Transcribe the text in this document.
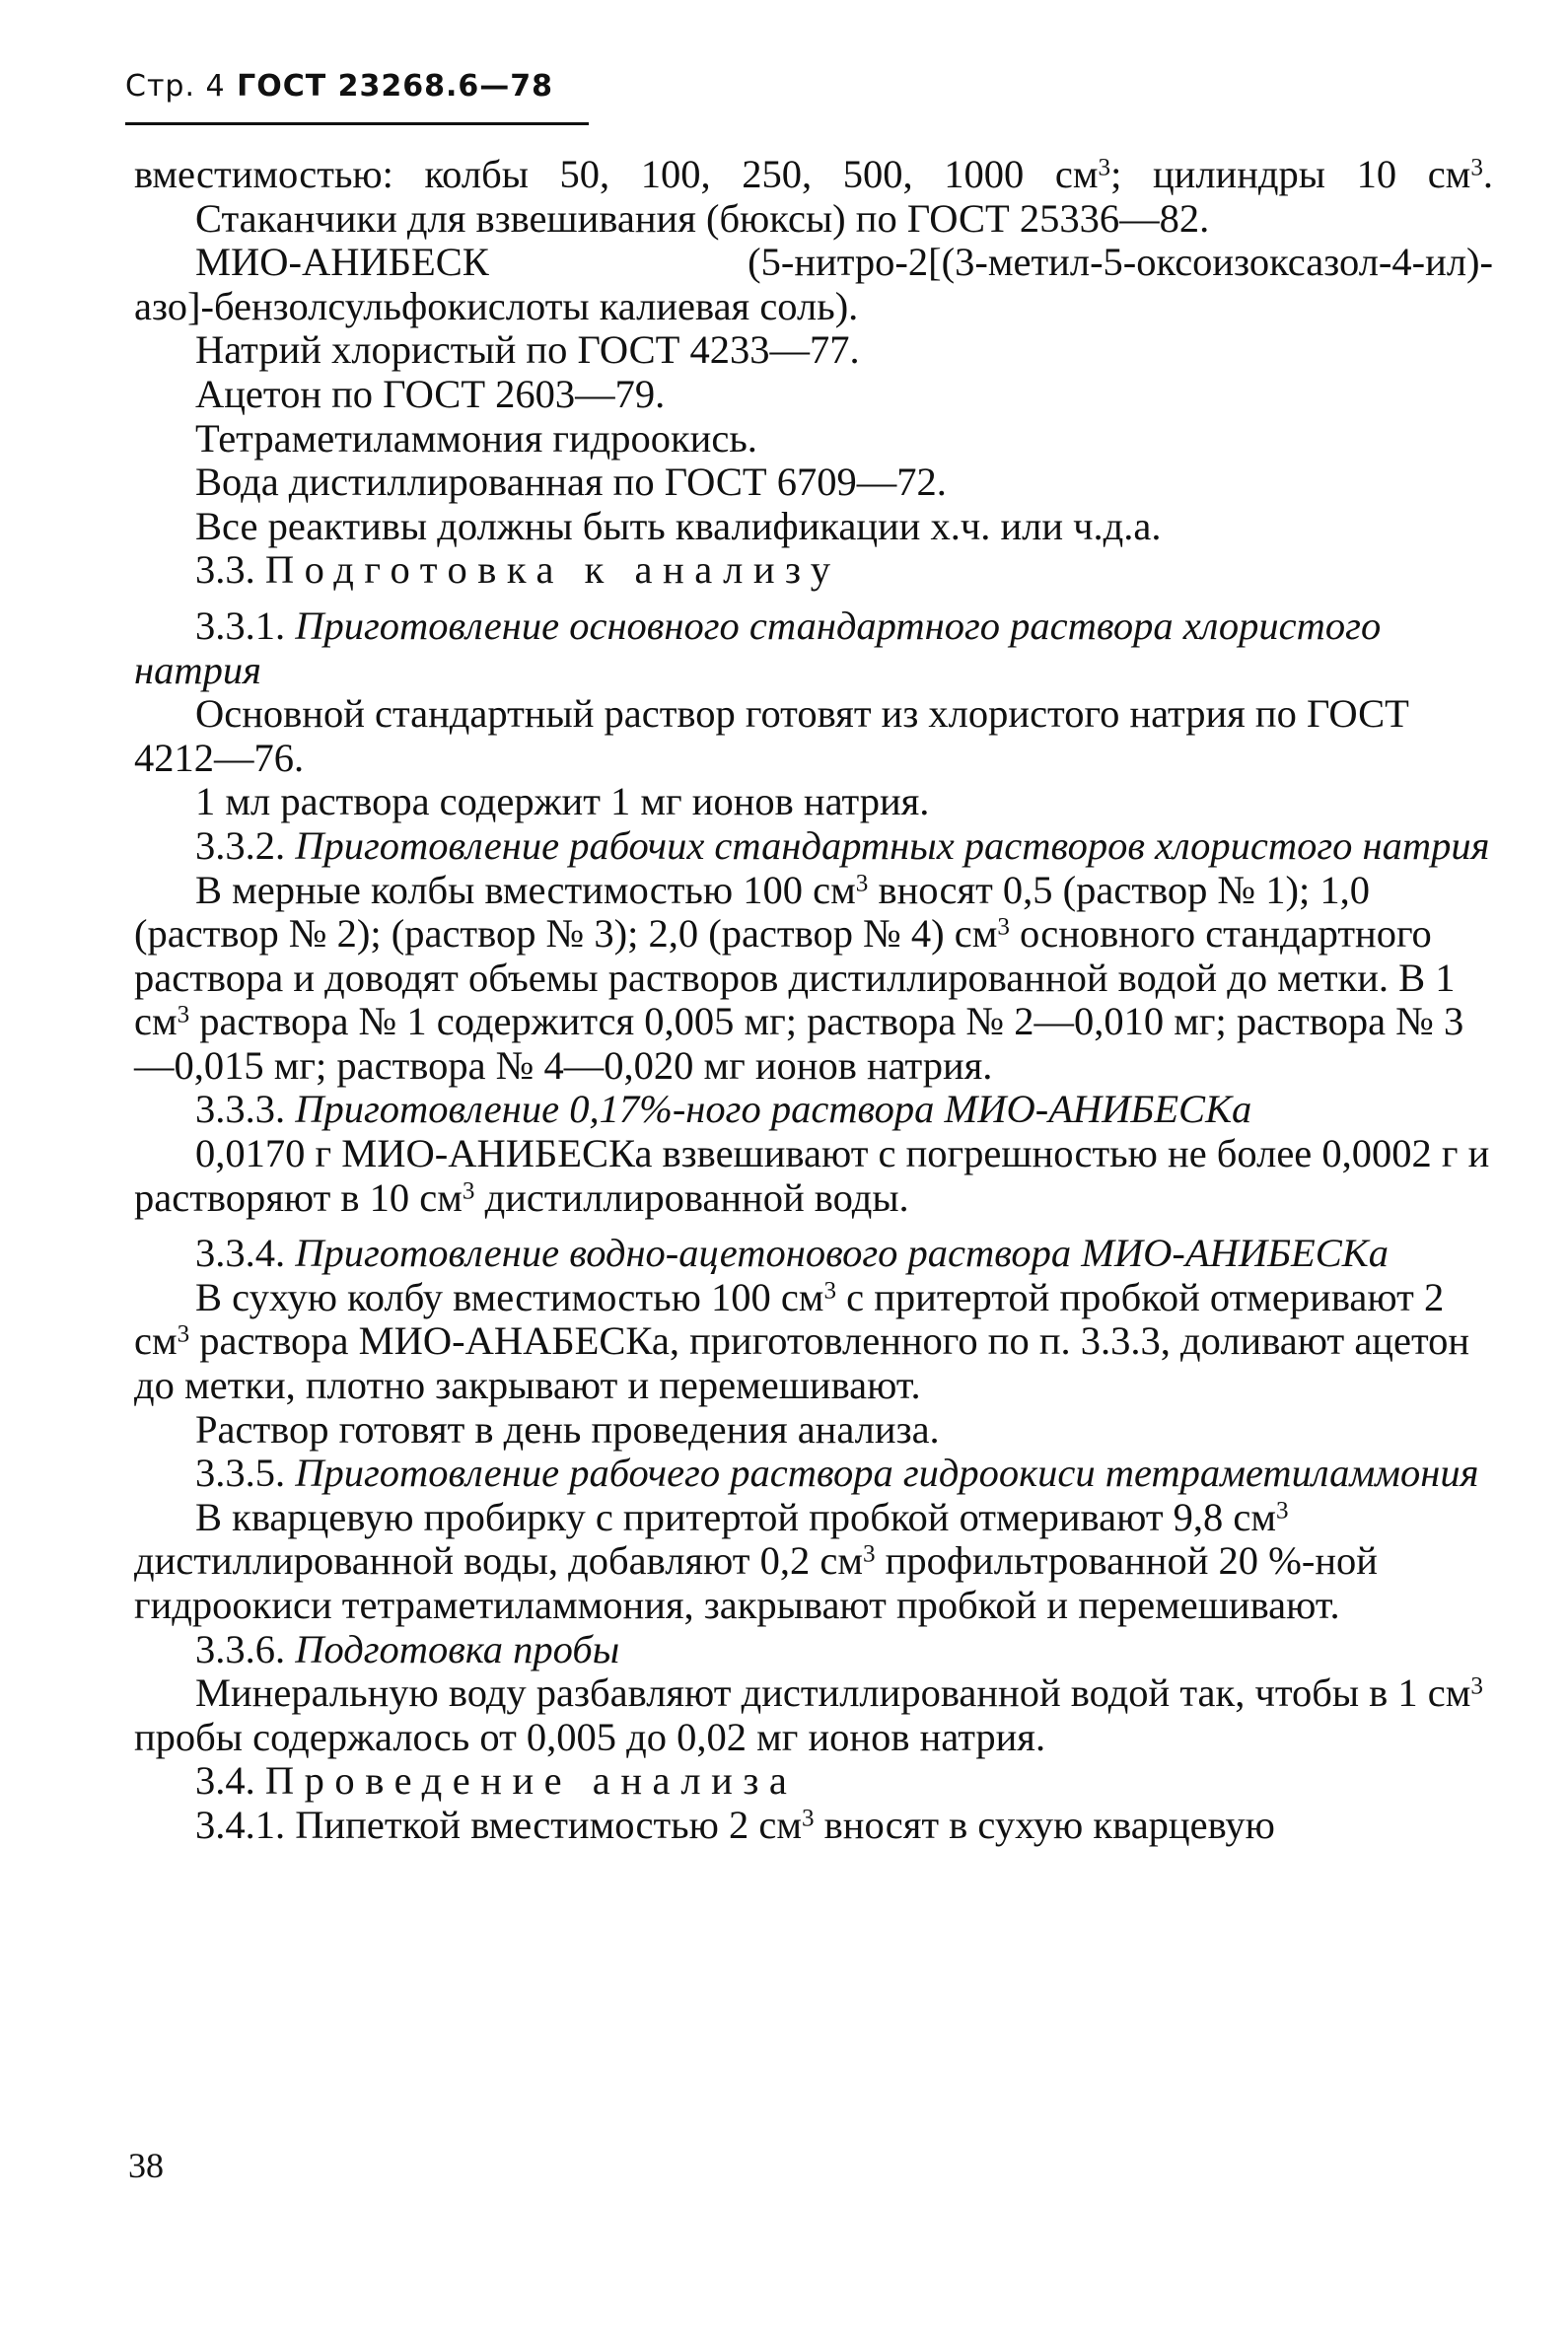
Стр. 4 ГОСТ 23268.6—78

вместимостью: колбы 50, 100, 250, 500, 1000 $см^3$; цилиндры 10 $см^3$.

Стаканчики для взвешивания (бюксы) по ГОСТ 25336—82.

МИО-АНИБЕСК (5-нитро-2[(3-метил-5-оксоизоксазол-4-ил)-

азо]-бензолсульфокислоты калиевая соль).

Натрий хлористый по ГОСТ 4233—77.

Ацетон по ГОСТ 2603—79.

Тетраметиламмония гидроокись.

Вода дистиллированная по ГОСТ 6709—72.

Все реактивы должны быть квалификации х.ч. или ч.д.а.

3.3. Подготовка к анализу

3.3.1. Приготовление основного стандартного раствора хлористого натрия

Основной стандартный раствор готовят из хлористого натрия по ГОСТ 4212—76.

1 мл раствора содержит 1 мг ионов натрия.

3.3.2. Приготовление рабочих стандартных растворов хлористого натрия

В мерные колбы вместимостью 100 $см^3$ вносят 0,5 (раствор № 1); 1,0 (раствор № 2); (раствор № 3); 2,0 (раствор № 4) $см^3$ основного стандартного раствора и доводят объемы растворов дистиллированной водой до метки. В 1 $см^3$ раствора № 1 содержится 0,005 мг; раствора № 2—0,010 мг; раствора № 3—0,015 мг; раствора № 4—0,020 мг ионов натрия.

3.3.3. Приготовление 0,17%-ного раствора МИО-АНИБЕСКа

0,0170 г МИО-АНИБЕСКа взвешивают с погрешностью не более 0,0002 г и растворяют в 10 $см^3$ дистиллированной воды.

3.3.4. Приготовление водно-ацетонового раствора МИО-АНИБЕСКа

В сухую колбу вместимостью 100 $см^3$ с притертой пробкой отмеривают 2 $см^3$ раствора МИО-АНАБЕСКа, приготовленного по п. 3.3.3, доливают ацетон до метки, плотно закрывают и перемешивают.

Раствор готовят в день проведения анализа.

3.3.5. Приготовление рабочего раствора гидроокиси тетраметиламмония

В кварцевую пробирку с притертой пробкой отмеривают 9,8 $см^3$ дистиллированной воды, добавляют 0,2 $см^3$ профильтрованной 20 %-ной гидроокиси тетраметиламмония, закрывают пробкой и перемешивают.

3.3.6. Подготовка пробы

Минеральную воду разбавляют дистиллированной водой так, чтобы в 1 $см^3$ пробы содержалось от 0,005 до 0,02 мг ионов натрия.

3.4. Проведение анализа

3.4.1. Пипеткой вместимостью 2 $см^3$ вносят в сухую кварцевую

38
